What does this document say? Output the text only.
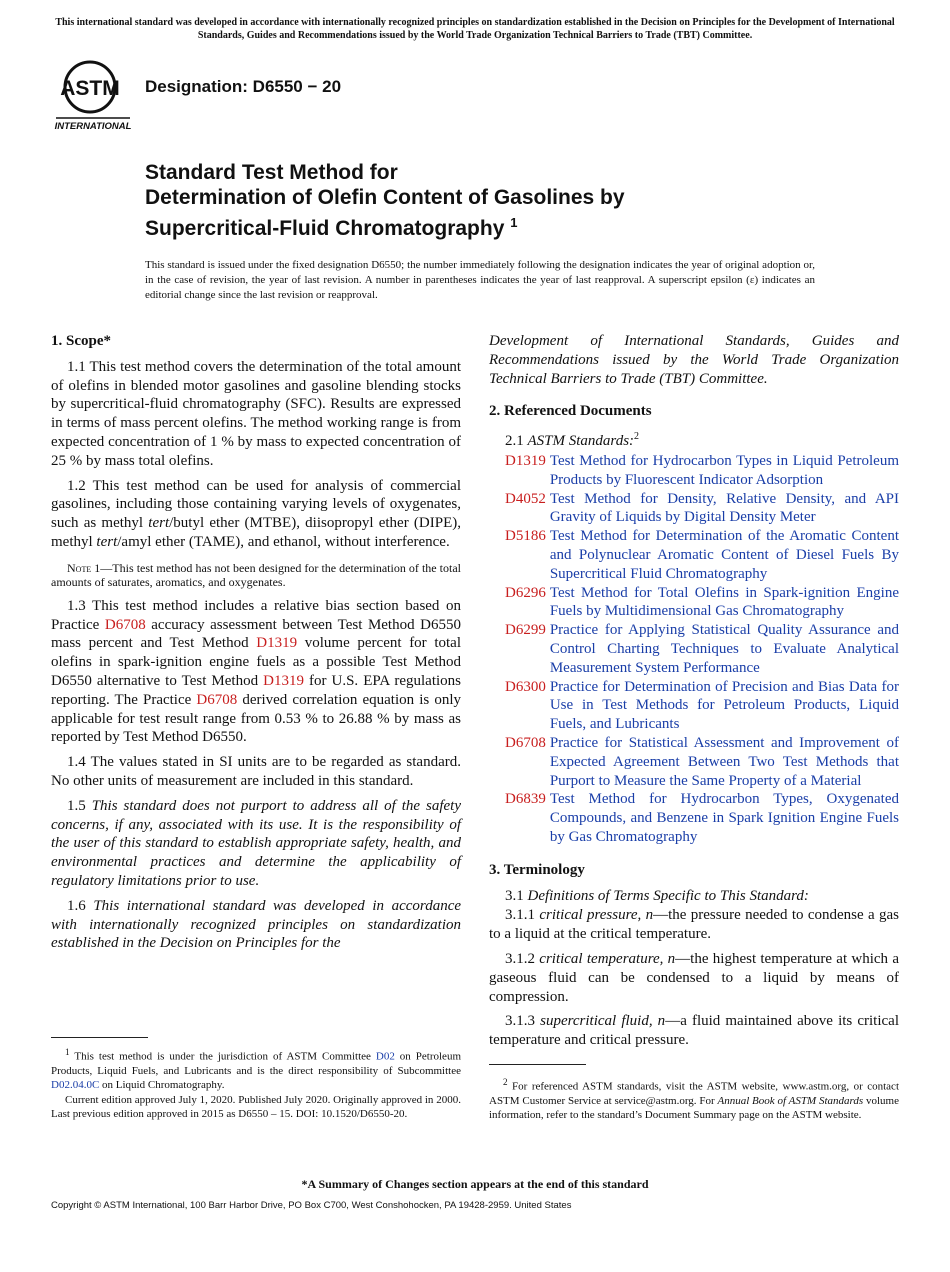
This international standard was developed in accordance with internationally recognized principles on standardization established in the Decision on Principles for the Development of International Standards, Guides and Recommendations issued by the World Trade Organization Technical Barriers to Trade (TBT) Committee.
ASTM
INTERNATIONAL
Designation: D6550 − 20
Standard Test Method for
Determination of Olefin Content of Gasolines by
Supercritical-Fluid Chromatography $^1$
This standard is issued under the fixed designation D6550; the number immediately following the designation indicates the year of original adoption or, in the case of revision, the year of last revision. A number in parentheses indicates the year of last reapproval. A superscript epsilon (ε) indicates an editorial change since the last revision or reapproval.
1. Scope*

1.1 This test method covers the determination of the total amount of olefins in blended motor gasolines and gasoline blending stocks by supercritical-fluid chromatography (SFC). Results are expressed in terms of mass percent olefins. The method working range is from expected concentration of 1 % by mass to expected concentration of 25 % by mass total olefins.

1.2 This test method can be used for analysis of commercial gasolines, including those containing varying levels of oxygenates, such as methyl tert/butyl ether (MTBE), diisopropyl ether (DIPE), methyl tert/amyl ether (TAME), and ethanol, without interference.

Note 1—This test method has not been designed for the determination of the total amounts of saturates, aromatics, and oxygenates.

1.3 This test method includes a relative bias section based on Practice D6708 accuracy assessment between Test Method D6550 mass percent and Test Method D1319 volume percent for total olefins in spark-ignition engine fuels as a possible Test Method D6550 alternative to Test Method D1319 for U.S. EPA regulations reporting. The Practice D6708 derived correlation equation is only applicable for test result range from 0.53 % to 26.88 % by mass as reported by Test Method D6550.

1.4 The values stated in SI units are to be regarded as standard. No other units of measurement are included in this standard.

1.5 This standard does not purport to address all of the safety concerns, if any, associated with its use. It is the responsibility of the user of this standard to establish appropriate safety, health, and environmental practices and determine the applicability of regulatory limitations prior to use.

1.6 This international standard was developed in accordance with internationally recognized principles on standardization established in the Decision on Principles for the

Development of International Standards, Guides and Recommendations issued by the World Trade Organization Technical Barriers to Trade (TBT) Committee.

2. Referenced Documents

2.1 ASTM Standards:$^2$

D1319 Test Method for Hydrocarbon Types in Liquid Petroleum Products by Fluorescent Indicator Adsorption
D4052 Test Method for Density, Relative Density, and API Gravity of Liquids by Digital Density Meter
D5186 Test Method for Determination of the Aromatic Content and Polynuclear Aromatic Content of Diesel Fuels By Supercritical Fluid Chromatography
D6296 Test Method for Total Olefins in Spark-ignition Engine Fuels by Multidimensional Gas Chromatography
D6299 Practice for Applying Statistical Quality Assurance and Control Charting Techniques to Evaluate Analytical Measurement System Performance
D6300 Practice for Determination of Precision and Bias Data for Use in Test Methods for Petroleum Products, Liquid Fuels, and Lubricants
D6708 Practice for Statistical Assessment and Improvement of Expected Agreement Between Two Test Methods that Purport to Measure the Same Property of a Material
D6839 Test Method for Hydrocarbon Types, Oxygenated Compounds, and Benzene in Spark Ignition Engine Fuels by Gas Chromatography
3. Terminology

3.1 Definitions of Terms Specific to This Standard:

3.1.1 critical pressure, n—the pressure needed to condense a gas to a liquid at the critical temperature.

3.1.2 critical temperature, n—the highest temperature at which a gaseous fluid can be condensed to a liquid by means of compression.

3.1.3 supercritical fluid, n—a fluid maintained above its critical temperature and critical pressure.

$^1$ This test method is under the jurisdiction of ASTM Committee D02 on Petroleum Products, Liquid Fuels, and Lubricants and is the direct responsibility of Subcommittee D02.04.0C on Liquid Chromatography.

Current edition approved July 1, 2020. Published July 2020. Originally approved in 2000. Last previous edition approved in 2015 as D6550 – 15. DOI: 10.1520/D6550-20.

$^2$ For referenced ASTM standards, visit the ASTM website, www.astm.org, or contact ASTM Customer Service at service@astm.org. For Annual Book of ASTM Standards volume information, refer to the standard’s Document Summary page on the ASTM website.

*A Summary of Changes section appears at the end of this standard
Copyright © ASTM International, 100 Barr Harbor Drive, PO Box C700, West Conshohocken, PA 19428-2959. United States
